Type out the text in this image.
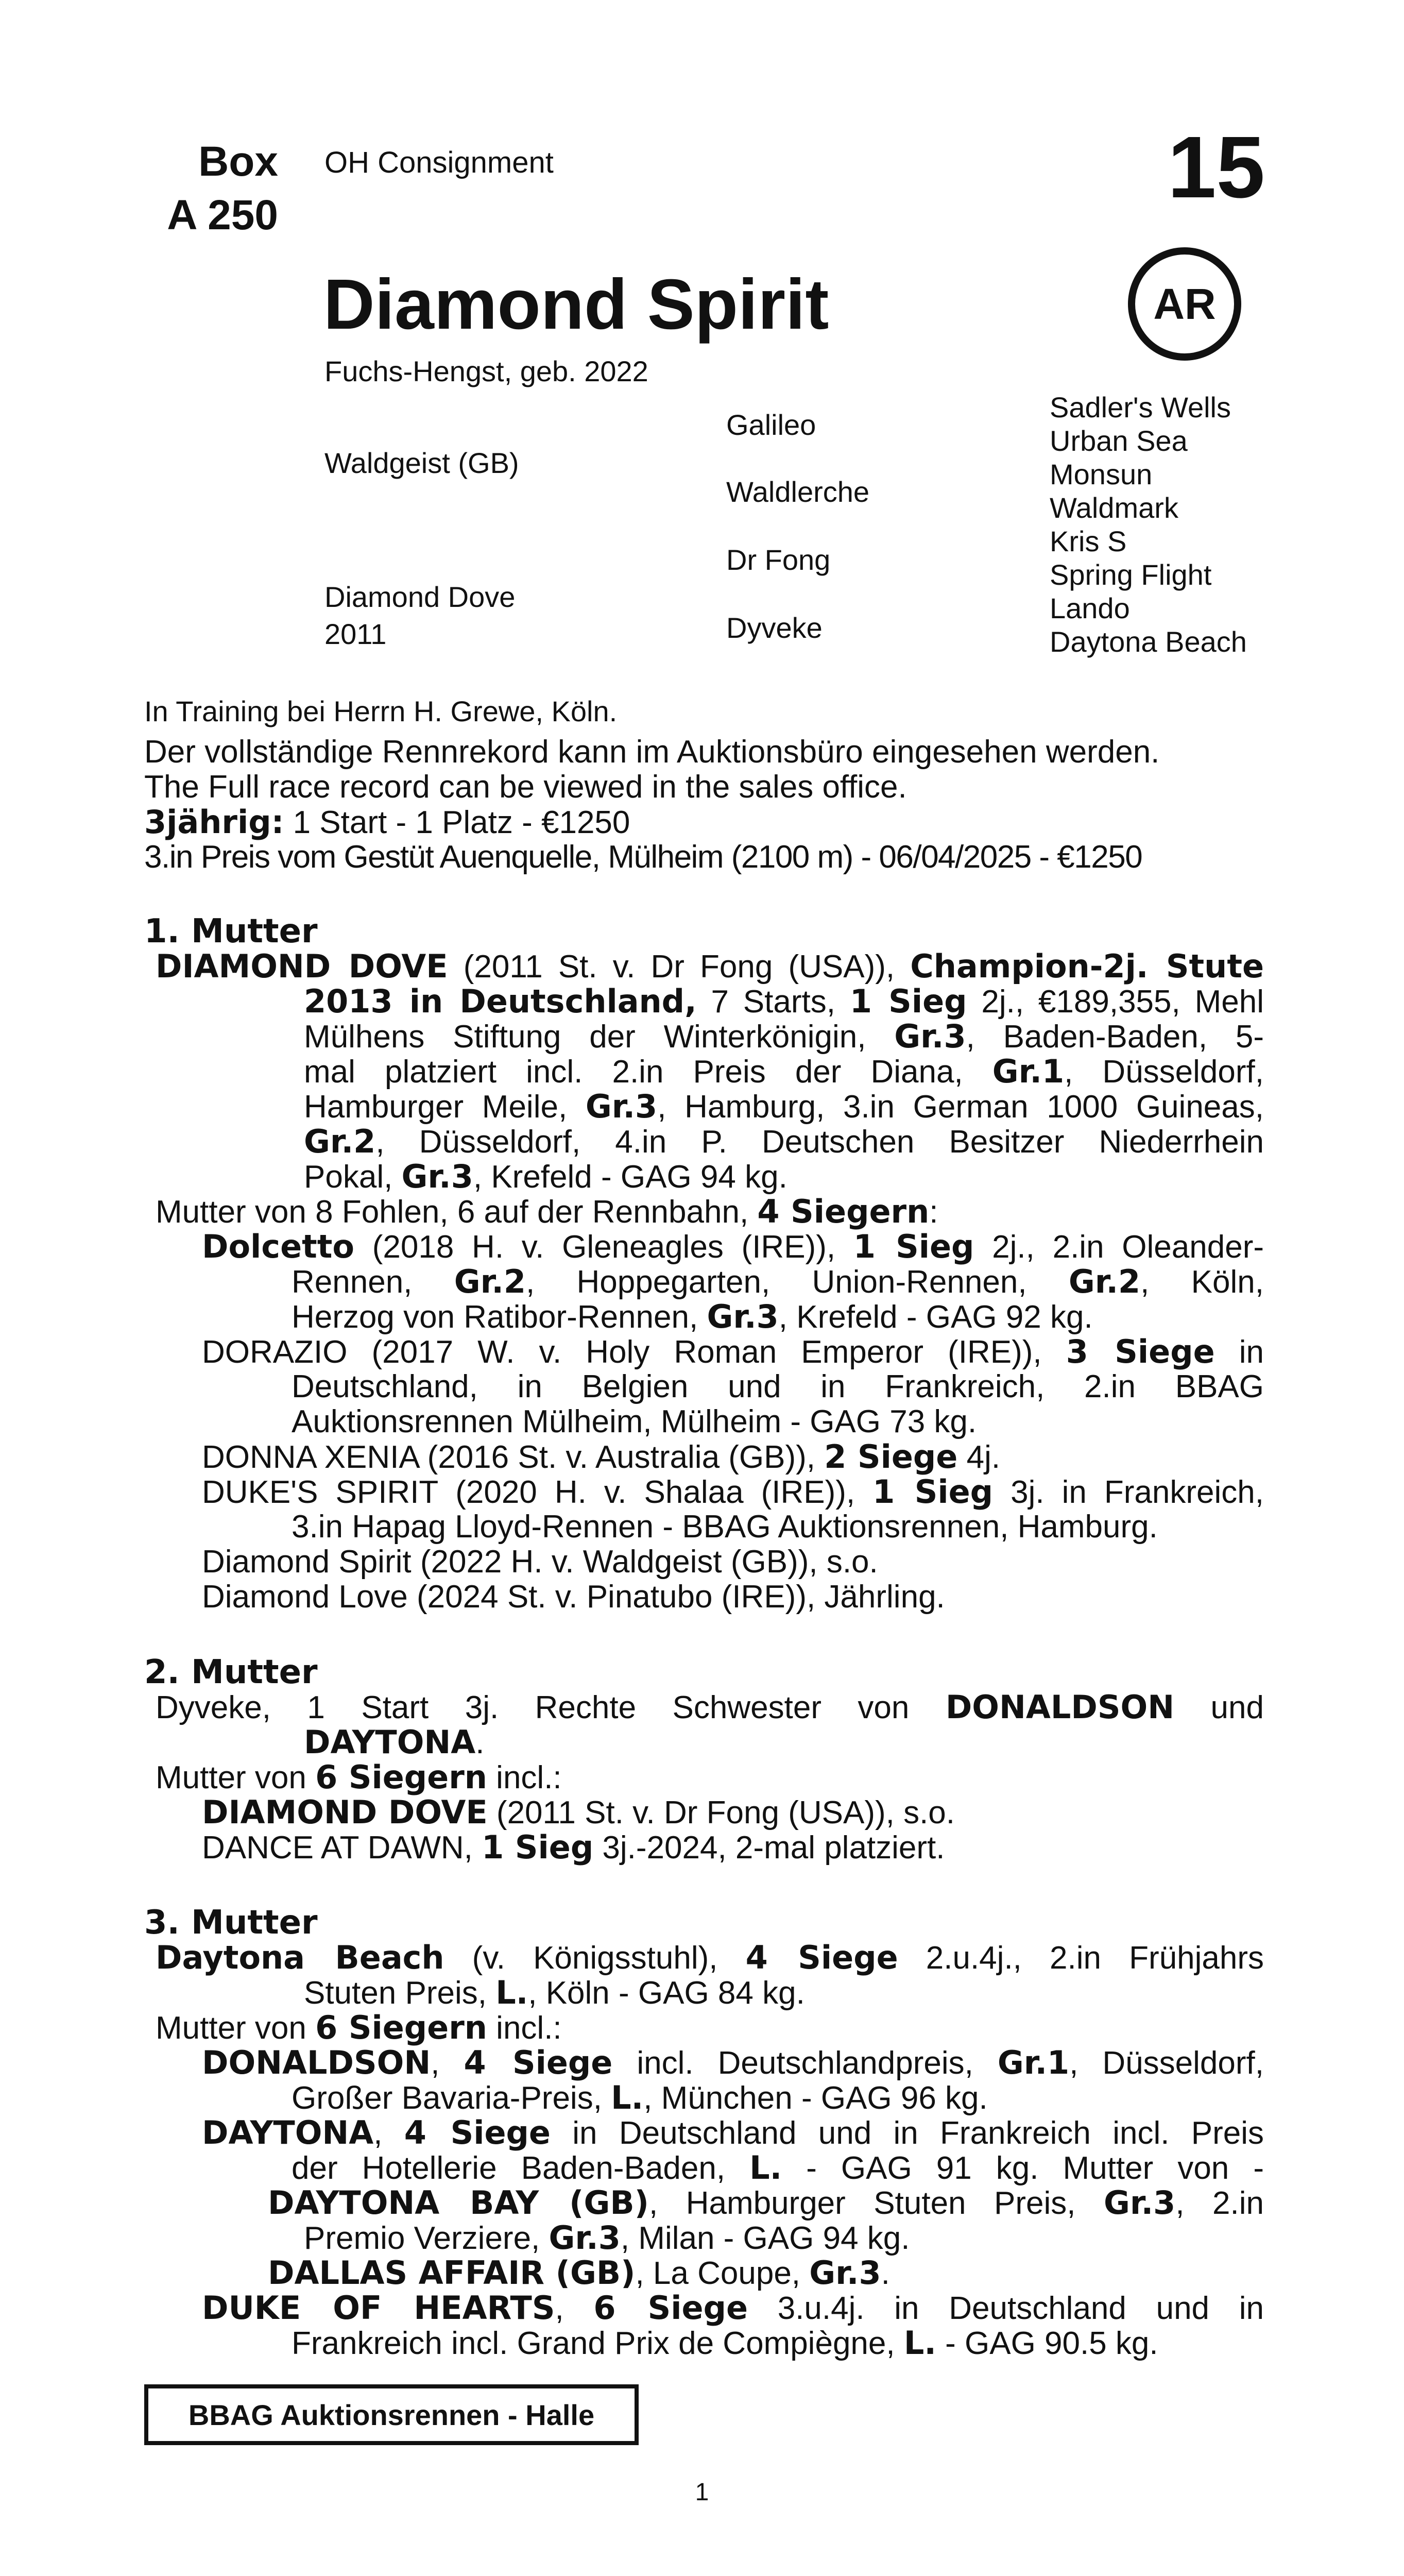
Box
A 250
OH Consignment	15
Diamond Spirit	AR
Fuchs-Hengst, geb. 2022
Waldgeist (GB)
Diamond Dove
2011
Galileo
Waldlerche
Dr Fong
Dyveke
Sadler's Wells
Urban Sea
Monsun
Waldmark
Kris S
Spring Flight
Lando
Daytona Beach
In Training bei Herrn H. Grewe, Köln.
Der vollständige Rennrekord kann im Auktionsbüro eingesehen werden.
The Full race record can be viewed in the sales office.
3jährig: 1 Start - 1 Platz - €1250
3.in Preis vom Gestüt Auenquelle, Mülheim (2100 m) - 06/04/2025 - €1250
1. Mutter
DIAMOND DOVE (2011 St. v. Dr Fong (USA)), Champion-2j. Stute
2013 in Deutschland, 7 Starts, 1 Sieg 2j., €189,355, Mehl
Mülhens Stiftung der Winterkönigin, Gr.3, Baden-Baden, 5-
mal platziert incl. 2.in Preis der Diana, Gr.1, Düsseldorf,
Hamburger Meile, Gr.3, Hamburg, 3.in German 1000 Guineas,
Gr.2, Düsseldorf, 4.in P. Deutschen Besitzer Niederrhein
Pokal, Gr.3, Krefeld - GAG 94 kg.
Mutter von 8 Fohlen, 6 auf der Rennbahn, 4 Siegern:
Dolcetto (2018 H. v. Gleneagles (IRE)), 1 Sieg 2j., 2.in Oleander-
Rennen, Gr.2, Hoppegarten, Union-Rennen, Gr.2, Köln,
Herzog von Ratibor-Rennen, Gr.3, Krefeld - GAG 92 kg.
DORAZIO (2017 W. v. Holy Roman Emperor (IRE)), 3 Siege in
Deutschland, in Belgien und in Frankreich, 2.in BBAG
Auktionsrennen Mülheim, Mülheim - GAG 73 kg.
DONNA XENIA (2016 St. v. Australia (GB)), 2 Siege 4j.
DUKE'S SPIRIT (2020 H. v. Shalaa (IRE)), 1 Sieg 3j. in Frankreich,
3.in Hapag Lloyd-Rennen - BBAG Auktionsrennen, Hamburg.
Diamond Spirit (2022 H. v. Waldgeist (GB)), s.o.
Diamond Love (2024 St. v. Pinatubo (IRE)), Jährling.
2. Mutter
Dyveke, 1 Start 3j. Rechte Schwester von DONALDSON und
DAYTONA.
Mutter von 6 Siegern incl.:
DIAMOND DOVE (2011 St. v. Dr Fong (USA)), s.o.
DANCE AT DAWN, 1 Sieg 3j.-2024, 2-mal platziert.
3. Mutter
Daytona Beach (v. Königsstuhl), 4 Siege 2.u.4j., 2.in Frühjahrs
Stuten Preis, L., Köln - GAG 84 kg.
Mutter von 6 Siegern incl.:
DONALDSON, 4 Siege incl. Deutschlandpreis, Gr.1, Düsseldorf,
Großer Bavaria-Preis, L., München - GAG 96 kg.
DAYTONA, 4 Siege in Deutschland und in Frankreich incl. Preis
der Hotellerie Baden-Baden, L. - GAG 91 kg. Mutter von -
DAYTONA BAY (GB), Hamburger Stuten Preis, Gr.3, 2.in
Premio Verziere, Gr.3, Milan - GAG 94 kg.
DALLAS AFFAIR (GB), La Coupe, Gr.3.
DUKE OF HEARTS, 6 Siege 3.u.4j. in Deutschland und in
Frankreich incl. Grand Prix de Compiègne, L. - GAG 90.5 kg.
BBAG Auktionsrennen - Halle
1
